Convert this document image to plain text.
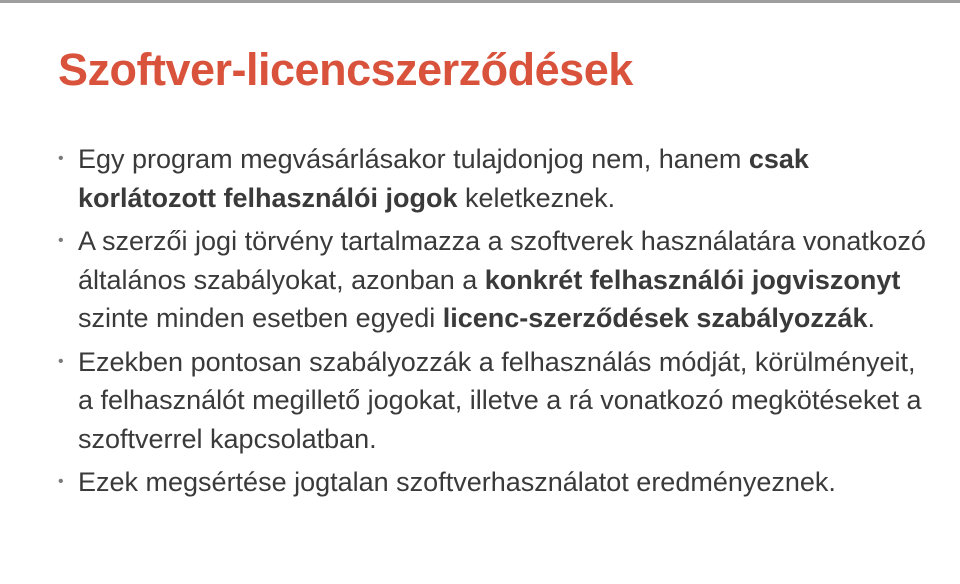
Szoftver-licencszerződések
• Egy program megvásárlásakor tulajdonjog nem, hanem csak korlátozott felhasználói jogok keletkeznek.
• A szerzői jogi törvény tartalmazza a szoftverek használatára vonatkozó általános szabályokat, azonban a konkrét felhasználói jogviszonyt szinte minden esetben egyedi licenc-szerződések szabályozzák.
• Ezekben pontosan szabályozzák a felhasználás módját, körülményeit, a felhasználót megillető jogokat, illetve a rá vonatkozó megkötéseket a szoftverrel kapcsolatban.
• Ezek megsértése jogtalan szoftverhasználatot eredményeznek.
